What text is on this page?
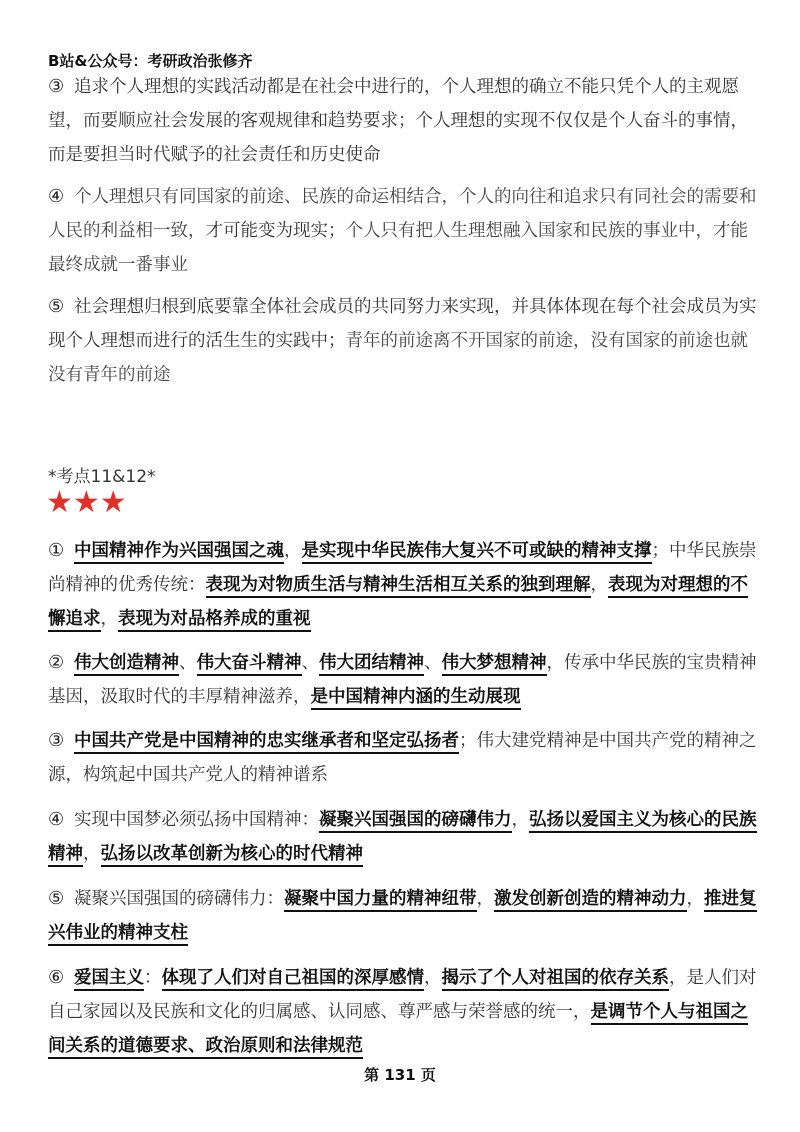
B站&公众号：考研政治张修齐
③ 追求个人理想的实践活动都是在社会中进行的，个人理想的确立不能只凭个人的主观愿望，而要顺应社会发展的客观规律和趋势要求；个人理想的实现不仅仅是个人奋斗的事情，而是要担当时代赋予的社会责任和历史使命
④ 个人理想只有同国家的前途、民族的命运相结合，个人的向往和追求只有同社会的需要和人民的利益相一致，才可能变为现实；个人只有把人生理想融入国家和民族的事业中，才能最终成就一番事业
⑤ 社会理想归根到底要靠全体社会成员的共同努力来实现，并具体体现在每个社会成员为实现个人理想而进行的活生生的实践中；青年的前途离不开国家的前途，没有国家的前途也就没有青年的前途
*考点11&12*
★★★
① 中国精神作为兴国强国之魂，是实现中华民族伟大复兴不可或缺的精神支撑；中华民族崇尚精神的优秀传统：表现为对物质生活与精神生活相互关系的独到理解，表现为对理想的不懈追求，表现为对品格养成的重视
② 伟大创造精神、伟大奋斗精神、伟大团结精神、伟大梦想精神，传承中华民族的宝贵精神基因，汲取时代的丰厚精神滋养，是中国精神内涵的生动展现
③ 中国共产党是中国精神的忠实继承者和坚定弘扬者；伟大建党精神是中国共产党的精神之源，构筑起中国共产党人的精神谱系
④ 实现中国梦必须弘扬中国精神：凝聚兴国强国的磅礴伟力，弘扬以爱国主义为核心的民族精神，弘扬以改革创新为核心的时代精神
⑤ 凝聚兴国强国的磅礴伟力：凝聚中国力量的精神纽带，激发创新创造的精神动力，推进复兴伟业的精神支柱
⑥ 爱国主义：体现了人们对自己祖国的深厚感情，揭示了个人对祖国的依存关系，是人们对自己家园以及民族和文化的归属感、认同感、尊严感与荣誉感的统一，是调节个人与祖国之间关系的道德要求、政治原则和法律规范
第 131 页
